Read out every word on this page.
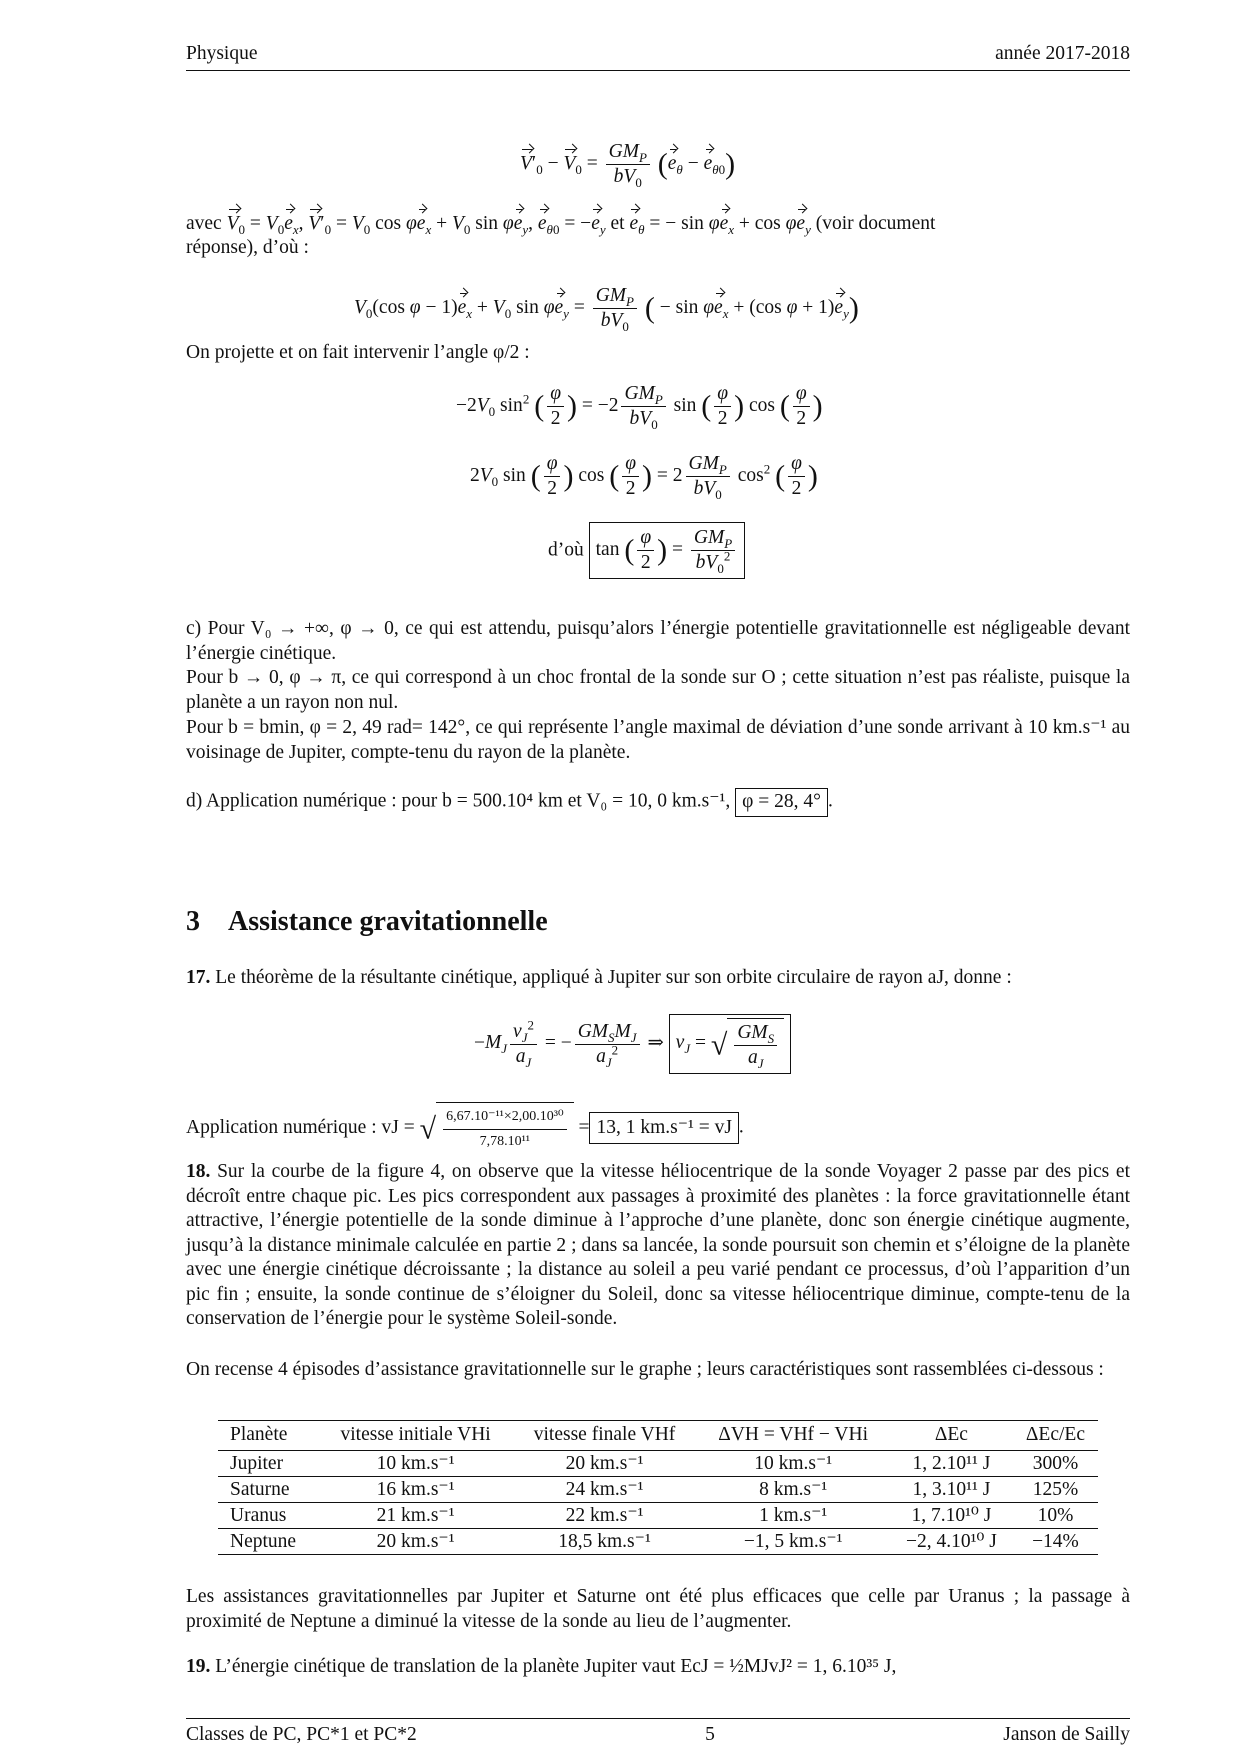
Physique	année 2017-2018
$V'_0 - V_0 = \frac{GM_P}{bV_0} (e_\theta - e_{\theta 0})$
avec $V_0 = V_0e_x$, $V'_0 = V_0$ $\cos \varphi e_x + V_0$ $\sin \varphi e_y$, $e_{\theta 0} = -e_y$ et $e_\theta$ = − $\sin \varphi e_x + \cos \varphi e_y$ (voir document
réponse), d’où :
$V_0(\cos$ $\varphi - 1)e_x + V_0$ $\sin \varphi e_y = \frac{GM_P}{bV_0}$ ( − $\sin \varphi e_x + (\cos$ $\varphi + 1)e_y$)
On projette et on fait intervenir l’angle φ/2 :
$-2V_0$ $\sin^2$ ( $\frac{\varphi}{2}$ ) = $-2 \frac{GM_P}{bV_0}$ sin ( $\frac{\varphi}{2}$ ) cos ( $\frac{\varphi}{2}$ )
$2V_0$ sin ( $\frac{\varphi}{2}$ ) cos ( $\frac{\varphi}{2}$ ) = $2 \frac{GM_P}{bV_0} \cos^2$ ( $\frac{\varphi}{2}$ )
d’où tan ( $\frac{\varphi}{2}$ ) = $\frac{GM_P}{bV_0^2}$
c) Pour V₀ → +∞, φ → 0, ce qui est attendu, puisqu’alors l’énergie potentielle gravitationnelle est négligeable devant l’énergie cinétique.
Pour b → 0, φ → π, ce qui correspond à un choc frontal de la sonde sur O ; cette situation n’est pas réaliste, puisque la planète a un rayon non nul.
Pour b = bmin, φ = 2, 49 rad= 142°, ce qui représente l’angle maximal de déviation d’une sonde arrivant à 10 km.s⁻¹ au voisinage de Jupiter, compte-tenu du rayon de la planète.
d) Application numérique : pour b = 500.10⁴ km et V₀ = 10, 0 km.s⁻¹, φ = 28, 4° .
3 Assistance gravitationnelle
17. Le théorème de la résultante cinétique, appliqué à Jupiter sur son orbite circulaire de rayon aJ, donne :
$-M_J \frac{v_J^2}{a_J}$ = − $\frac{GM_SM_J}{a_J^2}$ ⇒ $v_J$ = √ $\frac{GM_S}{a_J}$
Application numérique : vJ = √ $\frac{\text{6,67.10⁻¹¹×2,00.10³⁰}}{\text{7,78.10¹¹}} = 13$, 1 km.s⁻¹ = vJ .
18. Sur la courbe de la figure 4, on observe que la vitesse héliocentrique de la sonde Voyager 2 passe par des pics et décroît entre chaque pic. Les pics correspondent aux passages à proximité des planètes : la force gravitationnelle étant attractive, l’énergie potentielle de la sonde diminue à l’approche d’une planète, donc son énergie cinétique augmente, jusqu’à la distance minimale calculée en partie 2 ; dans sa lancée, la sonde poursuit son chemin et s’éloigne de la planète avec une énergie cinétique décroissante ; la distance au soleil a peu varié pendant ce processus, d’où l’apparition d’un pic fin ; ensuite, la sonde continue de s’éloigner du Soleil, donc sa vitesse héliocentrique diminue, compte-tenu de la conservation de l’énergie pour le système Soleil-sonde.
On recense 4 épisodes d’assistance gravitationnelle sur le graphe ; leurs caractéristiques sont rassemblées ci-dessous :
Planète	vitesse initiale VHi	vitesse finale VHf	ΔVH = VHf − VHi	ΔEc	ΔEc/Ec
Jupiter	10 km.s⁻¹	20 km.s⁻¹	10 km.s⁻¹	1, 2.10¹¹ J	300%
Saturne	16 km.s⁻¹	24 km.s⁻¹	8 km.s⁻¹	1, 3.10¹¹ J	125%
Uranus	21 km.s⁻¹	22 km.s⁻¹	1 km.s⁻¹	1, 7.10¹⁰ J	10%
Neptune	20 km.s⁻¹	18,5 km.s⁻¹	−1, 5 km.s⁻¹	−2, 4.10¹⁰ J	−14%
Les assistances gravitationnelles par Jupiter et Saturne ont été plus efficaces que celle par Uranus ; la passage à proximité de Neptune a diminué la vitesse de la sonde au lieu de l’augmenter.
19. L’énergie cinétique de translation de la planète Jupiter vaut EcJ = ½MJvJ² = 1, 6.10³⁵ J,
Classes de PC, PC*1 et PC*2	5	Janson de Sailly
